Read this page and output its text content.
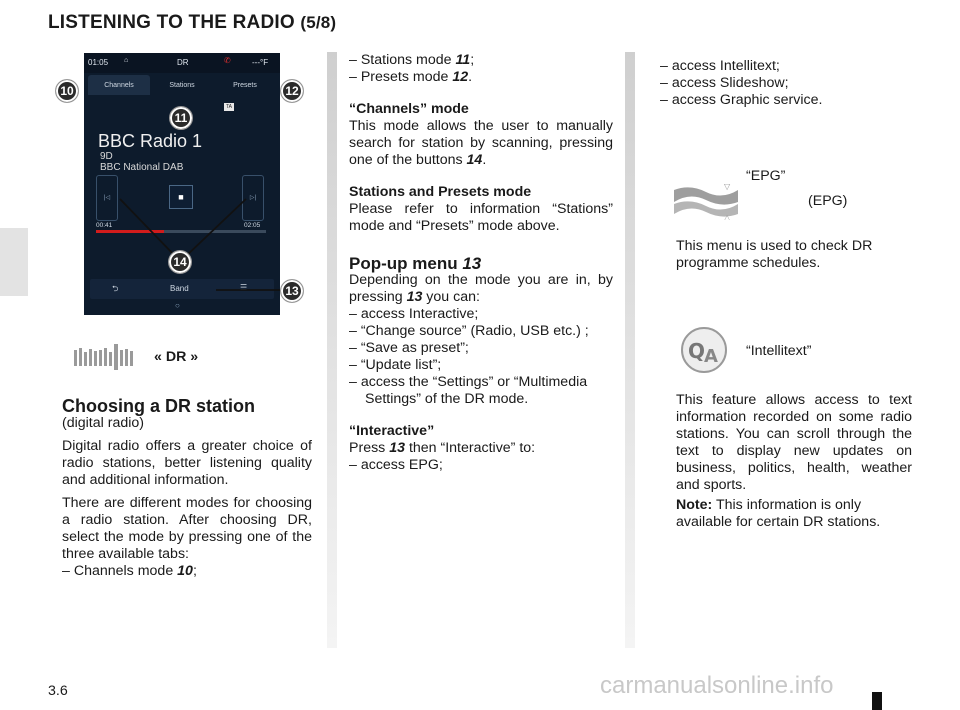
LISTENING TO THE RADIO (5/8)
01:05 ⌂	DR	✆	---°F
Channels	Stations	Presets
TA
BBC Radio 1
9D
BBC National DAB
|◁	■	▷|
00:41	02:05
⮌	Band	☰
○
10
11
12
13
14
« DR »

Choosing a DR station

(digital radio)

Digital radio offers a greater choice of radio stations, better listening quality and additional information.

There are different modes for choosing a radio station. After choosing DR, select the mode by pressing one of the three available tabs:

– Channels mode 10;

– Stations mode 11;

– Presets mode 12.

“Channels” mode

This mode allows the user to manually search for station by scanning, pressing one of the buttons 14.

Stations and Presets mode

Please refer to information “Stations” mode and “Presets” mode above.

Pop-up menu 13

Depending on the mode you are in, by pressing 13 you can:

– access Interactive;

– “Change source” (Radio, USB etc.) ;

– “Save as preset”;

– “Update list”;

– access the “Settings” or “Multimedia Settings” of the DR mode.

“Interactive”

Press 13 then “Interactive” to:

– access EPG;

– access Intellitext;

– access Slideshow;

– access Graphic service.

“EPG”
▽
△
(EPG)
This menu is used to check DR programme schedules.
Q
A “Intellitext”
This feature allows access to text information recorded on some radio stations. You can scroll through the text to display new updates on business, politics, health, weather and sports.
Note: This information is only available for certain DR stations.
3.6	carmanualsonline.info
